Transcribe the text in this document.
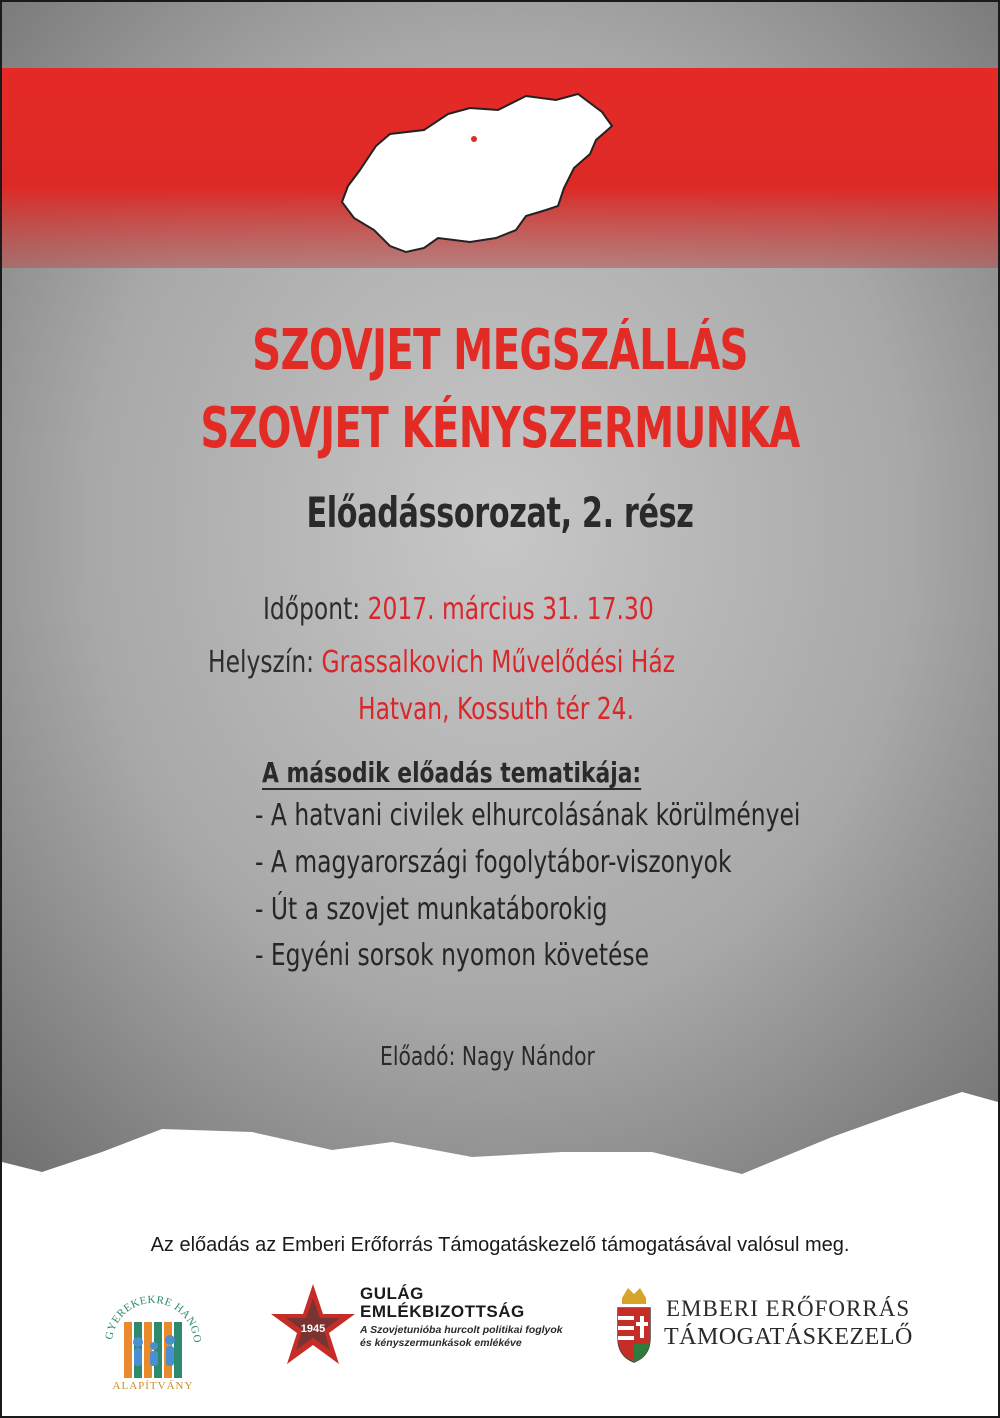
SZOVJET MEGSZÁLLÁS
SZOVJET KÉNYSZERMUNKA
Előadássorozat, 2. rész
Időpont: 2017. március 31. 17.30
Helyszín: Grassalkovich Művelődési Ház
Hatvan, Kossuth tér 24.
A második előadás tematikája:
- A hatvani civilek elhurcolásának körülményei
- A magyarországi fogolytábor-viszonyok
- Út a szovjet munkatáborokig
- Egyéni sorsok nyomon követése
Előadó: Nagy Nándor
Az előadás az Emberi Erőforrás Támogatáskezelő támogatásával valósul meg.
GYEREKEKRE HANGO
ALAPÍTVÁNY
1945
GULÁG
EMLÉKBIZOTTSÁG
A Szovjetunióba hurcolt politikai foglyok
és kényszermunkások emlékéve
EMBERI ERŐFORRÁS
TÁMOGATÁSKEZELŐ
